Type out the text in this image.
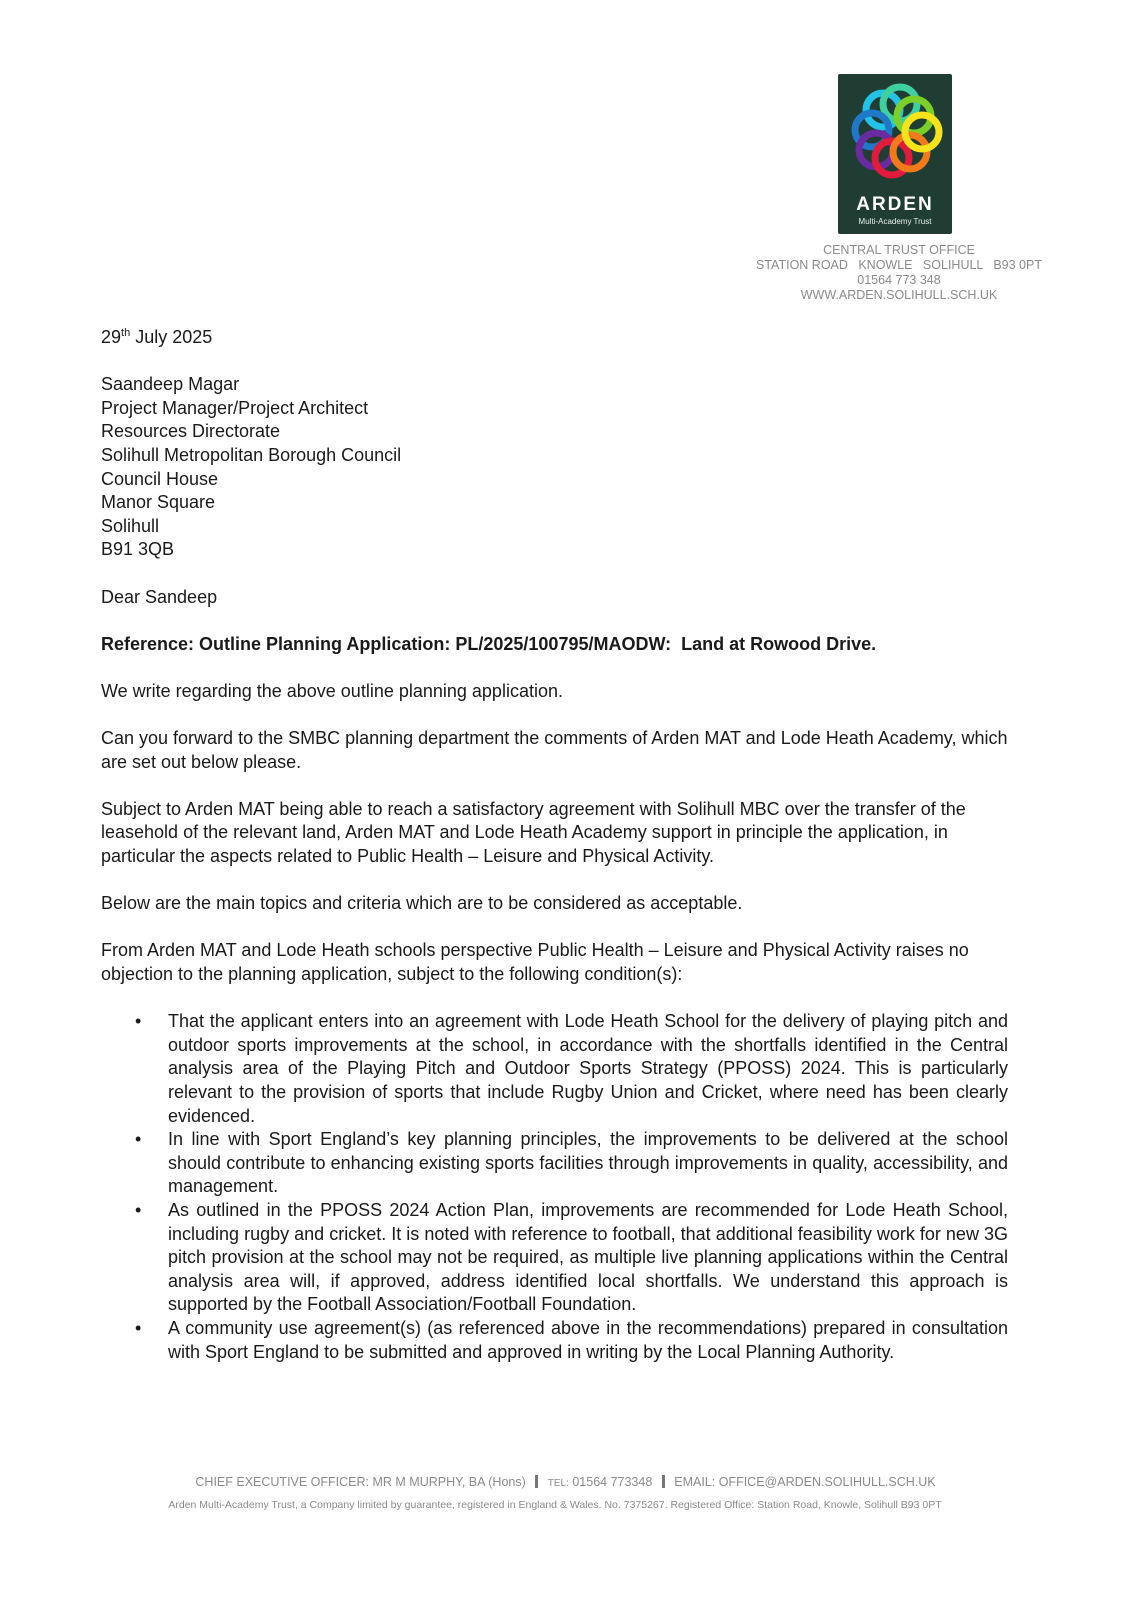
ARDEN
Multi-Academy Trust
CENTRAL TRUST OFFICE
STATION ROAD   KNOWLE   SOLIHULL   B93 0PT
01564 773 348
WWW.ARDEN.SOLIHULL.SCH.UK

29th July 2025

Saandeep Magar

Project Manager/Project Architect

Resources Directorate

Solihull Metropolitan Borough Council

Council House

Manor Square

Solihull

B91 3QB

Dear Sandeep

Reference: Outline Planning Application: PL/2025/100795/MAODW:  Land at Rowood Drive.

We write regarding the above outline planning application.

Can you forward to the SMBC planning department the comments of Arden MAT and Lode Heath Academy, which are set out below please.

Subject to Arden MAT being able to reach a satisfactory agreement with Solihull MBC over the transfer of the leasehold of the relevant land, Arden MAT and Lode Heath Academy support in principle the application, in particular the aspects related to Public Health – Leisure and Physical Activity.

Below are the main topics and criteria which are to be considered as acceptable.

From Arden MAT and Lode Heath schools perspective Public Health – Leisure and Physical Activity raises no objection to the planning application, subject to the following condition(s):

• That the applicant enters into an agreement with Lode Heath School for the delivery of playing pitch and outdoor sports improvements at the school, in accordance with the shortfalls identified in the Central analysis area of the Playing Pitch and Outdoor Sports Strategy (PPOSS) 2024. This is particularly relevant to the provision of sports that include Rugby Union and Cricket, where need has been clearly evidenced.
• In line with Sport England’s key planning principles, the improvements to be delivered at the school should contribute to enhancing existing sports facilities through improvements in quality, accessibility, and management.
• As outlined in the PPOSS 2024 Action Plan, improvements are recommended for Lode Heath School, including rugby and cricket. It is noted with reference to football, that additional feasibility work for new 3G pitch provision at the school may not be required, as multiple live planning applications within the Central analysis area will, if approved, address identified local shortfalls. We understand this approach is supported by the Football Association/Football Foundation.
• A community use agreement(s) (as referenced above in the recommendations) prepared in consultation with Sport England to be submitted and approved in writing by the Local Planning Authority.
CHIEF EXECUTIVE OFFICER: MR M MURPHY, BA (Hons) TEL: 01564 773348 EMAIL: OFFICE@ARDEN.SOLIHULL.SCH.UK
Arden Multi-Academy Trust, a Company limited by guarantee, registered in England & Wales. No. 7375267. Registered Office: Station Road, Knowle, Solihull B93 0PT
